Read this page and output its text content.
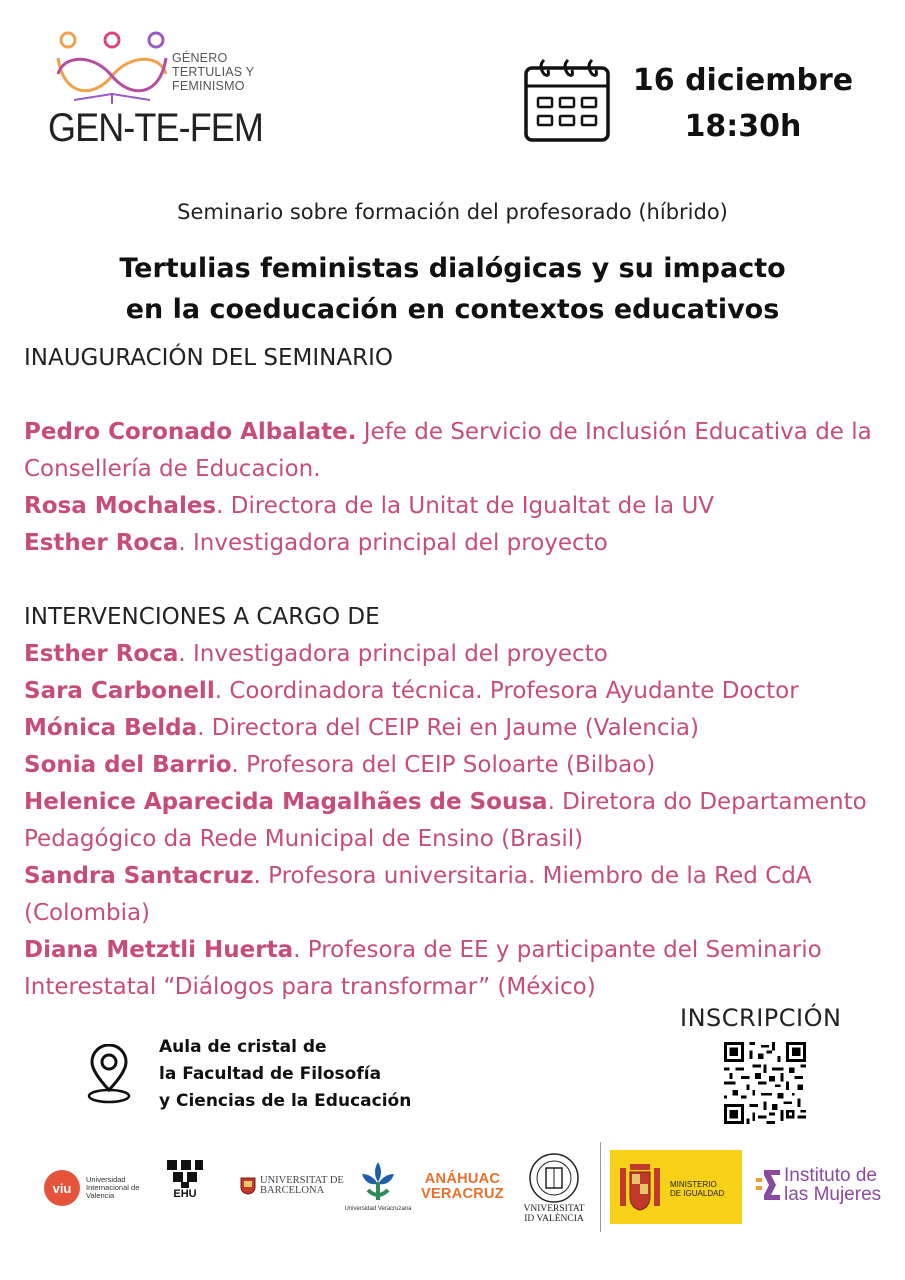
GÉNERO
TERTULIAS Y
FEMINISMO
GEN-TE-FEM
16 diciembre
18:30h
Seminario sobre formación del profesorado (híbrido)
Tertulias feministas dialógicas y su impacto
en la coeducación en contextos educativos
INAUGURACIÓN DEL SEMINARIO
Pedro Coronado Albalate. Jefe de Servicio de Inclusión Educativa de la Consellería de Educacion.
Rosa Mochales. Directora de la Unitat de Igualtat de la UV
Esther Roca. Investigadora principal del proyecto
INTERVENCIONES A CARGO DE
Esther Roca. Investigadora principal del proyecto
Sara Carbonell. Coordinadora técnica. Profesora Ayudante Doctor
Mónica Belda. Directora del CEIP Rei en Jaume (Valencia)
Sonia del Barrio. Profesora del CEIP Soloarte (Bilbao)
Helenice Aparecida Magalhães de Sousa. Diretora do Departamento Pedagógico da Rede Municipal de Ensino (Brasil)
Sandra Santacruz. Profesora universitaria. Miembro de la Red CdA (Colombia)
Diana Metztli Huerta. Profesora de EE y participante del Seminario Interestatal “Diálogos para transformar” (México)
Aula de cristal de
la Facultad de Filosofía
y Ciencias de la Educación
INSCRIPCIÓN
viu
Universidad Internacional de Valencia	EHU
UNIVERSITAT DE
BARCELONA
Universidad Veracruzana
ANÁHUAC
VERACRUZ
VNIVERSITAT
ID VALÈNCIA
MINISTERIO
DE IGUALDAD
Instituto de
las Mujeres
